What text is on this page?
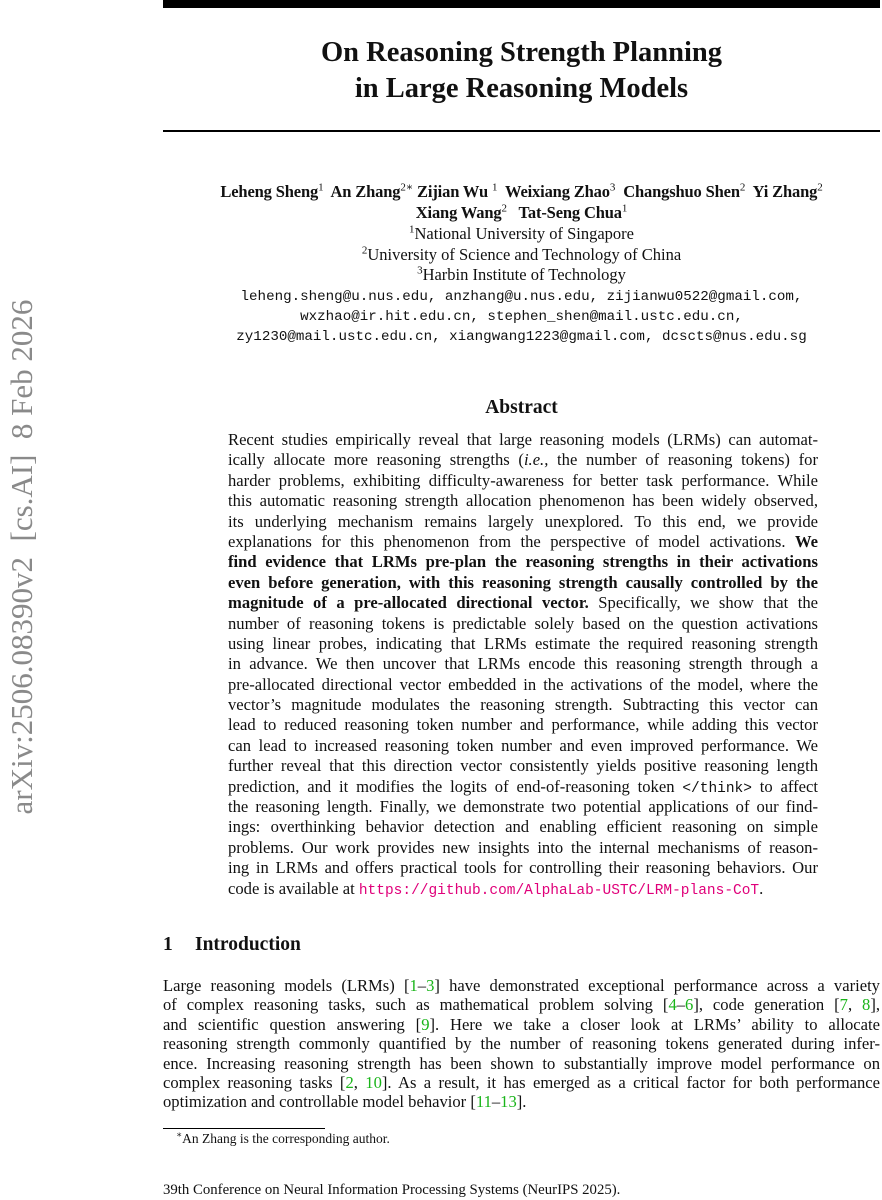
arXiv:2506.08390v2  [cs.AI]  8 Feb 2026
On Reasoning Strength Planning
in Large Reasoning Models
Leheng Sheng$^1$ An Zhang$^{2∗}$ Zijian Wu $^1$ Weixiang Zhao$^3$ Changshuo Shen$^2$ Yi Zhang$^2$
Xiang Wang$^2$ Tat-Seng Chua$^1$
$^1$National University of Singapore
$^2$University of Science and Technology of China
$^3$Harbin Institute of Technology
leheng.sheng@u.nus.edu, anzhang@u.nus.edu, zijianwu0522@gmail.com,
wxzhao@ir.hit.edu.cn, stephen_shen@mail.ustc.edu.cn,
zy1230@mail.ustc.edu.cn, xiangwang1223@gmail.com, dcscts@nus.edu.sg
Abstract
Recent studies empirically reveal that large reasoning models (LRMs) can automat-
ically allocate more reasoning strengths (i.e., the number of reasoning tokens) for
harder problems, exhibiting difficulty-awareness for better task performance. While
this automatic reasoning strength allocation phenomenon has been widely observed,
its underlying mechanism remains largely unexplored. To this end, we provide
explanations for this phenomenon from the perspective of model activations. We
find evidence that LRMs pre-plan the reasoning strengths in their activations
even before generation, with this reasoning strength causally controlled by the
magnitude of a pre-allocated directional vector. Specifically, we show that the
number of reasoning tokens is predictable solely based on the question activations
using linear probes, indicating that LRMs estimate the required reasoning strength
in advance. We then uncover that LRMs encode this reasoning strength through a
pre-allocated directional vector embedded in the activations of the model, where the
vector’s magnitude modulates the reasoning strength. Subtracting this vector can
lead to reduced reasoning token number and performance, while adding this vector
can lead to increased reasoning token number and even improved performance. We
further reveal that this direction vector consistently yields positive reasoning length
prediction, and it modifies the logits of end-of-reasoning token </think> to affect
the reasoning length. Finally, we demonstrate two potential applications of our find-
ings: overthinking behavior detection and enabling efficient reasoning on simple
problems. Our work provides new insights into the internal mechanisms of reason-
ing in LRMs and offers practical tools for controlling their reasoning behaviors. Our
code is available at https://github.com/AlphaLab-USTC/LRM-plans-CoT.
1 Introduction
Large reasoning models (LRMs) [1–3] have demonstrated exceptional performance across a variety
of complex reasoning tasks, such as mathematical problem solving [4–6], code generation [7, 8],
and scientific question answering [9]. Here we take a closer look at LRMs’ ability to allocate
reasoning strength commonly quantified by the number of reasoning tokens generated during infer-
ence. Increasing reasoning strength has been shown to substantially improve model performance on
complex reasoning tasks [2, 10]. As a result, it has emerged as a critical factor for both performance
optimization and controllable model behavior [11–13].
∗An Zhang is the corresponding author.
39th Conference on Neural Information Processing Systems (NeurIPS 2025).
